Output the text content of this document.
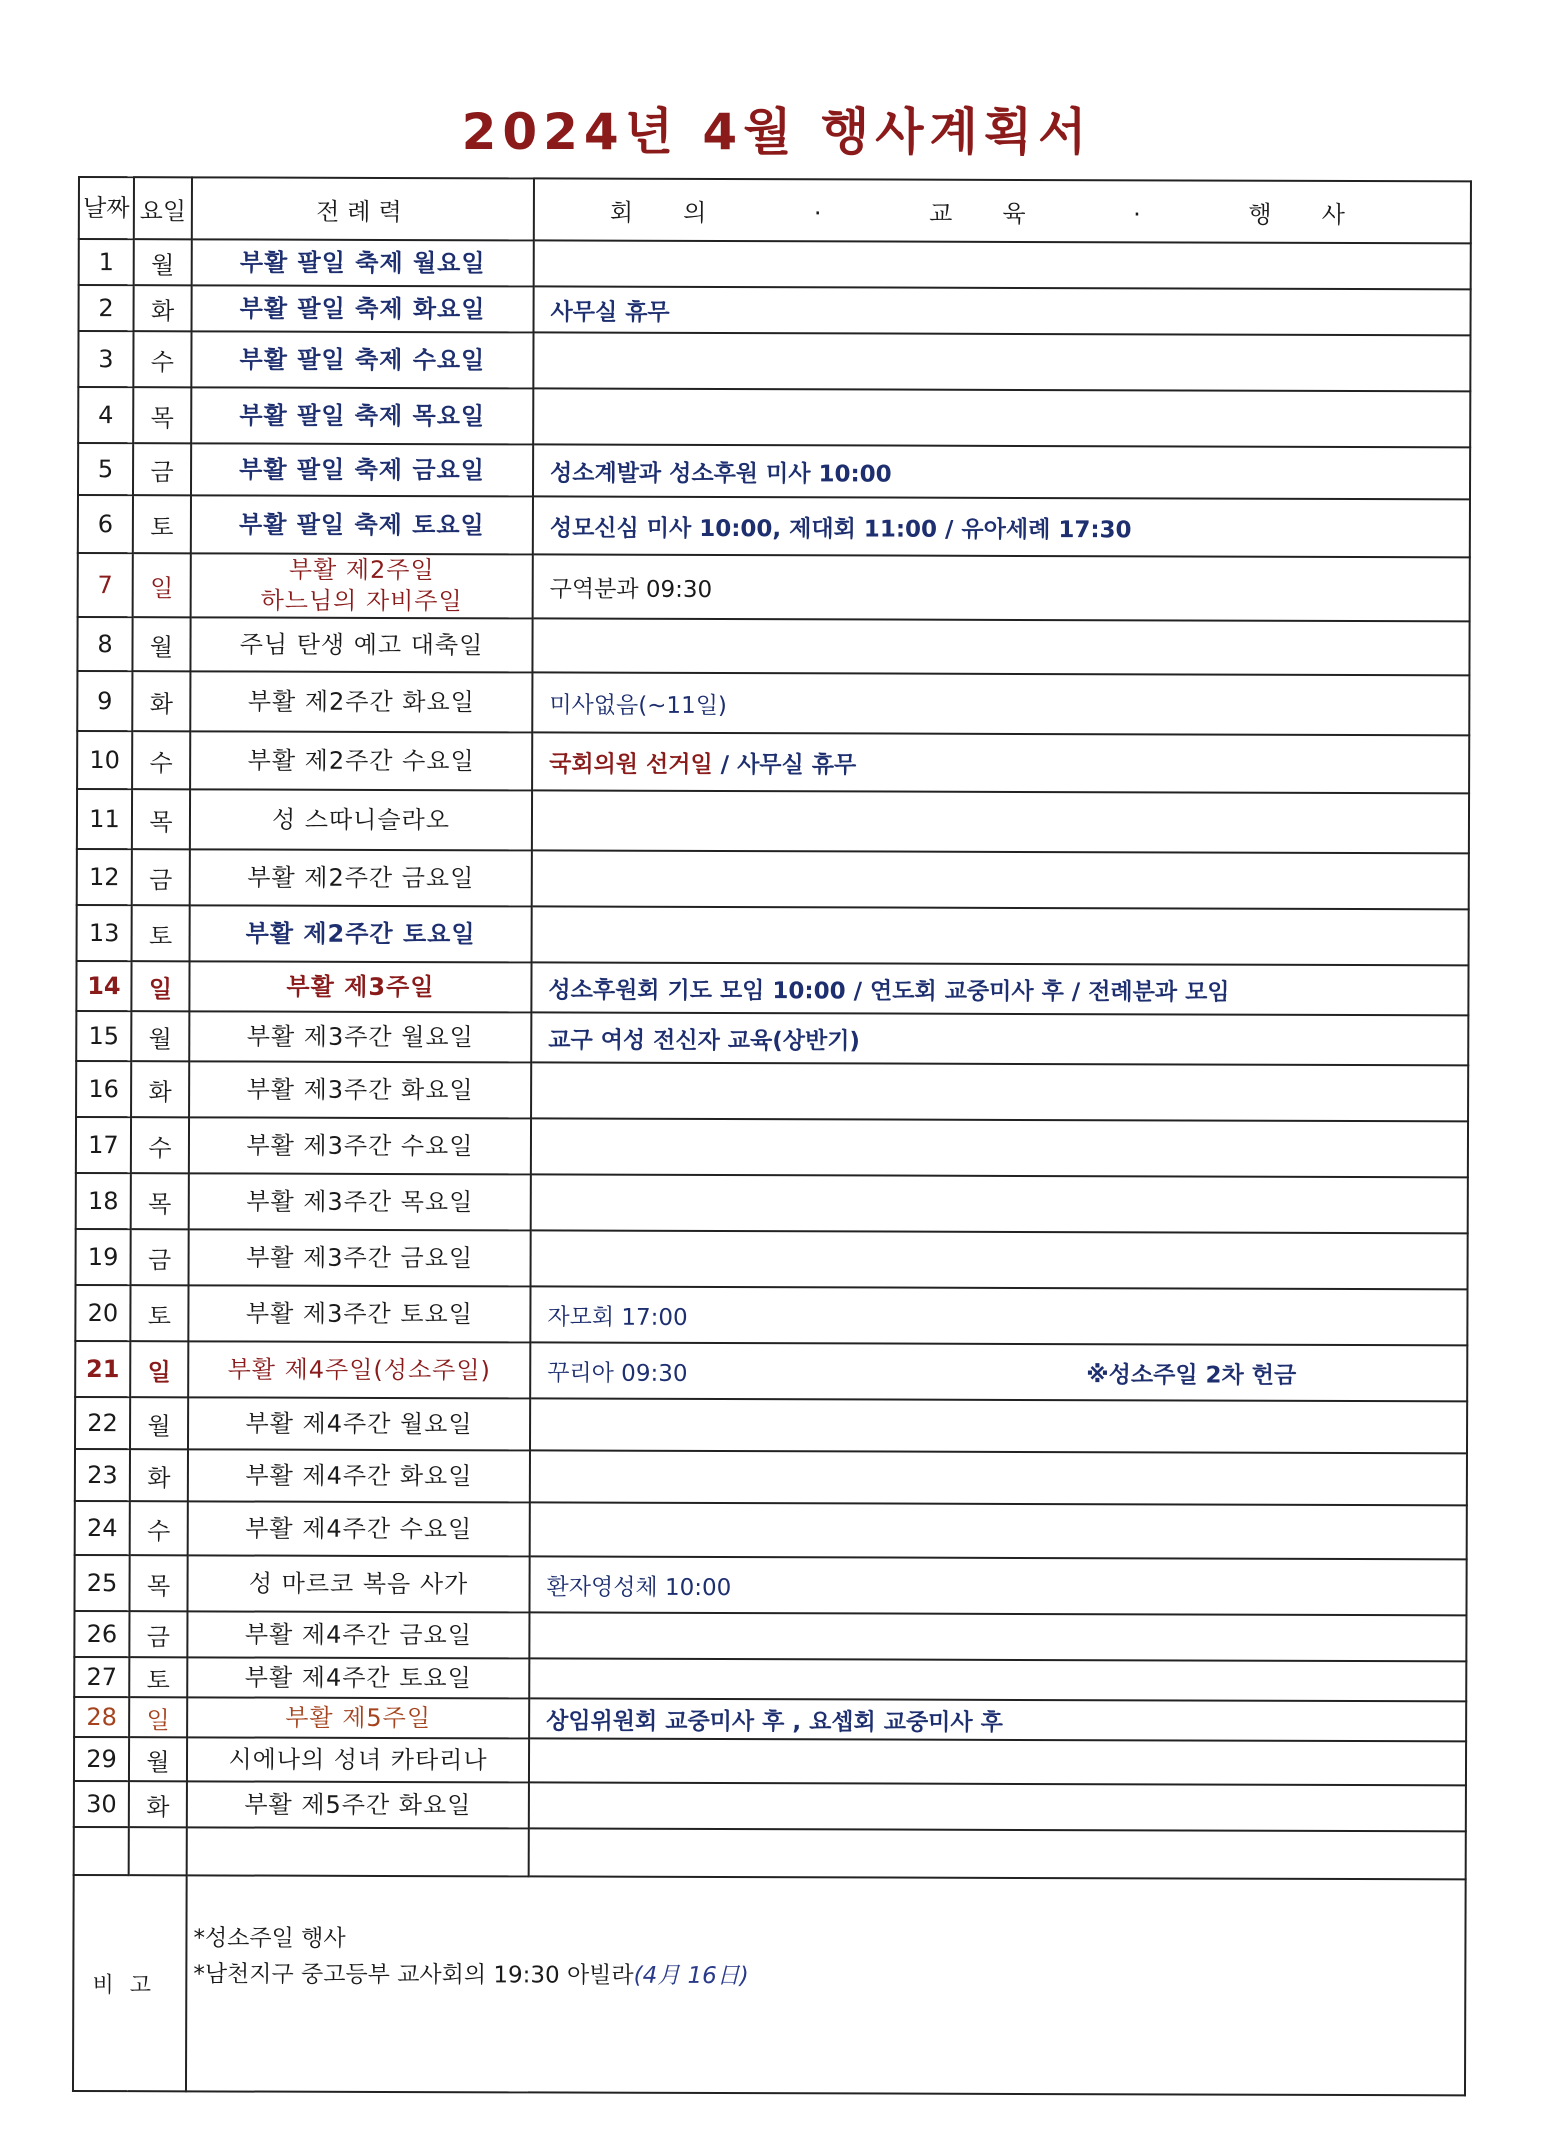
2024년 4월 행사계획서
날짜	요일	전례력	회의 · 교육 · 행사
1	월	부활 팔일 축제 월요일	

2	화	부활 팔일 축제 화요일	사무실 휴무

3	수	부활 팔일 축제 수요일	

4	목	부활 팔일 축제 목요일	

5	금	부활 팔일 축제 금요일	성소계발과 성소후원 미사 10:00

6	토	부활 팔일 축제 토요일	성모신심 미사 10:00, 제대회 11:00 / 유아세례 17:30

7	일	부활 제2주일
하느님의 자비주일	구역분과 09:30

8	월	주님 탄생 예고 대축일	

9	화	부활 제2주간 화요일	미사없음(~11일)

10	수	부활 제2주간 수요일	국회의원 선거일 / 사무실 휴무

11	목	성 스따니슬라오	

12	금	부활 제2주간 금요일	

13	토	부활 제2주간 토요일	

14	일	부활 제3주일	성소후원회 기도 모임 10:00 / 연도회 교중미사 후 / 전례분과 모임

15	월	부활 제3주간 월요일	교구 여성 전신자 교육(상반기)

16	화	부활 제3주간 화요일	

17	수	부활 제3주간 수요일	

18	목	부활 제3주간 목요일	

19	금	부활 제3주간 금요일	

20	토	부활 제3주간 토요일	자모회 17:00

21	일	부활 제4주일(성소주일)	꾸리아 09:30 ※성소주일 2차 헌금

22	월	부활 제4주간 월요일	

23	화	부활 제4주간 화요일	

24	수	부활 제4주간 수요일	

25	목	성 마르코 복음 사가	환자영성체 10:00

26	금	부활 제4주간 금요일	

27	토	부활 제4주간 토요일	

28	일	부활 제5주일	상임위원회 교중미사 후 , 요셉회 교중미사 후

29	월	시에나의 성녀 카타리나	

30	화	부활 제5주간 화요일	

비고		*성소주일 행사
*남천지구 중고등부 교사회의 19:30 아빌라(4月 16日)	
